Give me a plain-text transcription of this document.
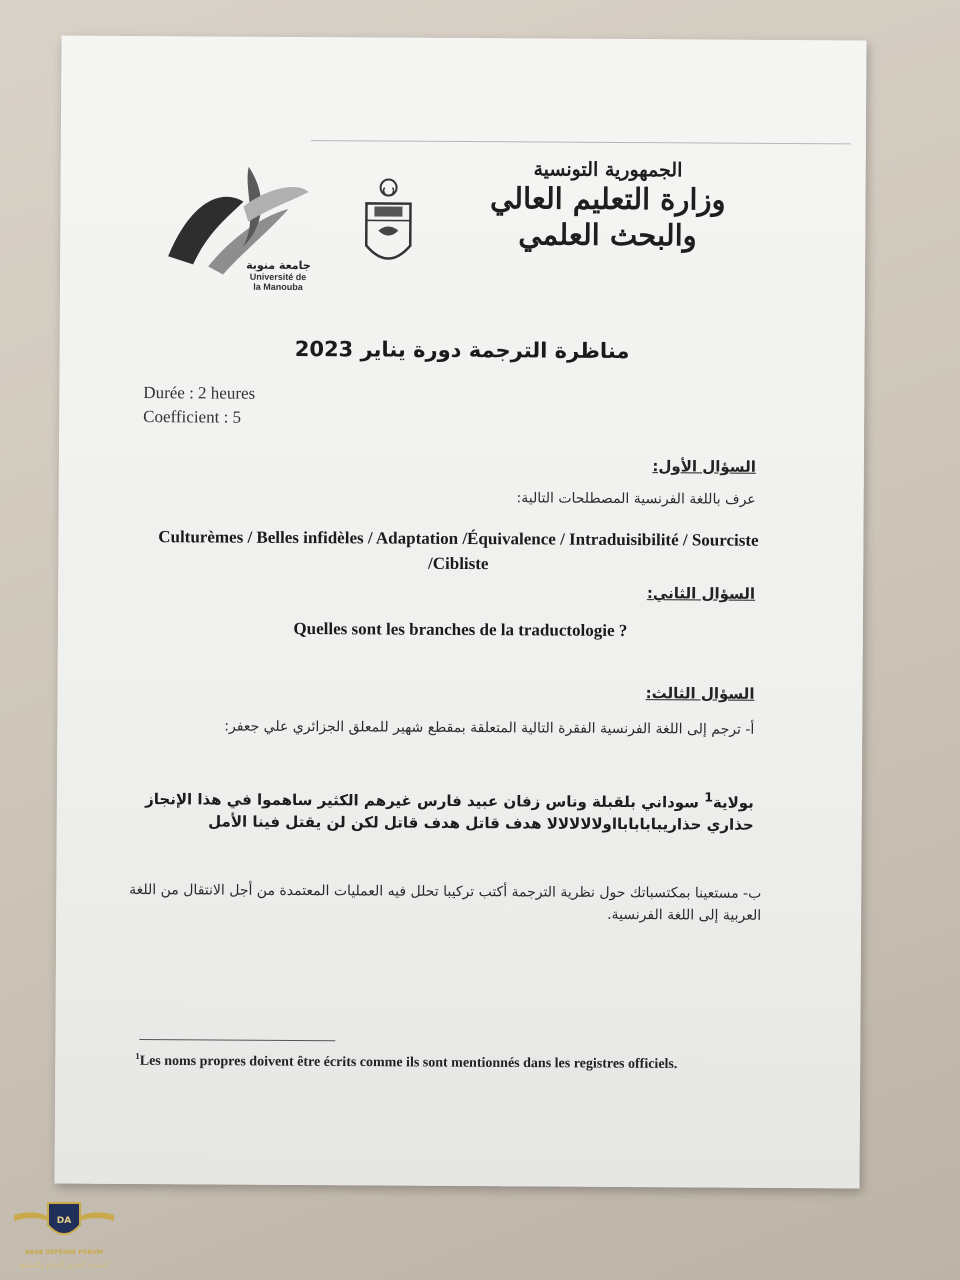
جامعة منوبة
Université de la Manouba
الجمهورية التونسية
وزارة التعليم العالي
والبحث العلمي
مناظرة الترجمة دورة يناير 2023
Durée : 2 heures
Coefficient : 5
السؤال الأول:
عرف باللغة الفرنسية المصطلحات التالية:
Culturèmes / Belles infidèles / Adaptation /Équivalence / Intraduisibilité / Sourciste /Cibliste
السؤال الثاني:
Quelles sont les branches de la traductologie ?
السؤال الثالث:
أ- ترجم إلى اللغة الفرنسية الفقرة التالية المتعلقة بمقطع شهير للمعلق الجزائري علي جعفر:
بولاية$^1$ سوداني بلقبلة وناس زفان عبيد فارس غيرهم الكثير ساهموا في هذا الإنجاز حذاري حذاريبابابابااولالالالالا هدف قاتل هدف قاتل لكن لن يقتل فينا الأمل
ب- مستعينا بمكتسباتك حول نظرية الترجمة أكتب تركيبا تحلل فيه العمليات المعتمدة من أجل الانتقال من اللغة العربية إلى اللغة الفرنسية.
$^1$Les noms propres doivent être écrits comme ils sont mentionnés dans les registres officiels.
DA
ARAB DEFENSE FORUM
المنتدى العربي للدفاع والتسليح
